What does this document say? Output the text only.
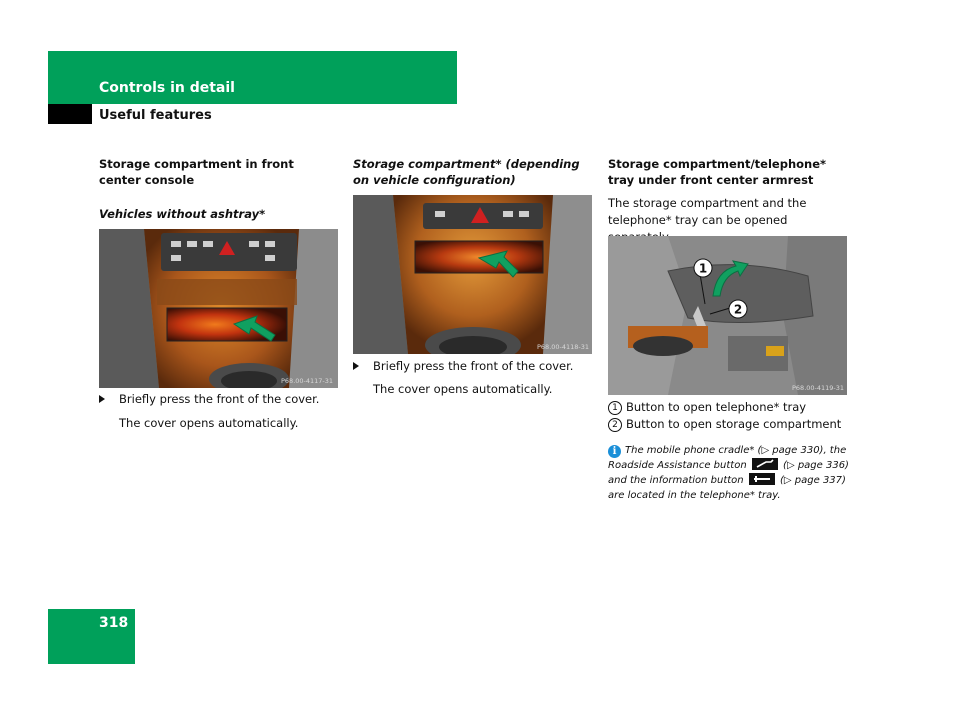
Controls in detail
Useful features
Storage compartment in front center console
Vehicles without ashtray*
P68.00-4117-31
Briefly press the front of the cover.
The cover opens automatically.
Storage compartment* (depending on vehicle configuration)
P68.00-4118-31
Briefly press the front of the cover.
The cover opens automatically.
Storage compartment/telephone* tray under front center armrest
The storage compartment and the telephone* tray can be opened
1
2
P68.00-4119-31
1 Button to open telephone* tray
2 Button to open storage compartment
i The mobile phone cradle* (▷ page 330), the
Roadside Assistance button	(▷ page 336)
and the information button	(▷ page 337)
are located in the telephone* tray.
318
